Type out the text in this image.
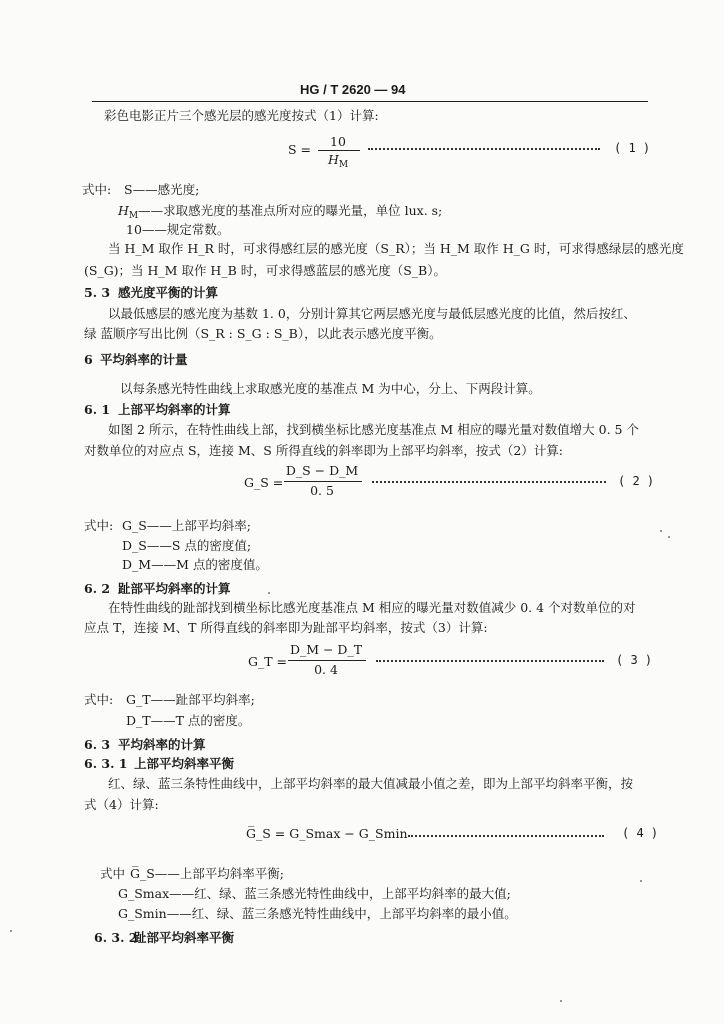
HG / T 2620 — 94
彩色电影正片三个感光层的感光度按式（1）计算:
S =
10
$H_M$
( 1 )
式中: S——感光度;
$H_M——$求取感光度的基准点所对应的曝光量，单位 lux. s;
10——规定常数。
当 H_M 取作 H_R 时，可求得感红层的感光度（S_R）；当 H_M 取作 H_G 时，可求得感绿层的感光度
(S_G)；当 H_M 取作 H_B 时，可求得感蓝层的感光度（S_B）。
5. 3 感光度平衡的计算
以最低感层的感光度为基数 1. 0，分别计算其它两层感光度与最低层感光度的比值，然后按红、
绿 蓝顺序写出比例（S_R : S_G : S_B），以此表示感光度平衡。
6 平均斜率的计量
以每条感光特性曲线上求取感光度的基准点 M 为中心，分上、下两段计算。
6. 1 上部平均斜率的计算
如图 2 所示，在特性曲线上部，找到横坐标比感光度基准点 M 相应的曝光量对数值增大 0. 5 个
对数单位的对应点 S，连接 M、S 所得直线的斜率即为上部平均斜率，按式（2）计算:
G_S =
D_S − D_M
0. 5
( 2 )
式中: G_S——上部平均斜率;
D_S——S 点的密度值;
D_M——M 点的密度值。
6. 2 趾部平均斜率的计算
在特性曲线的趾部找到横坐标比感光度基准点 M 相应的曝光量对数值减少 0. 4 个对数单位的对
应点 T，连接 M、T 所得直线的斜率即为趾部平均斜率，按式（3）计算:
G_T =
D_M − D_T
0. 4
( 3 )
式中: G_T——趾部平均斜率;
D_T——T 点的密度。
6. 3 平均斜率的计算
6. 3. 1 上部平均斜率平衡
红、绿、蓝三条特性曲线中，上部平均斜率的最大值减最小值之差，即为上部平均斜率平衡，按
式（4）计算:
G̅_S = G_Smax − G_Smin	( 4 )
式中 G̅_S——上部平均斜率平衡;
G_Smax——红、绿、蓝三条感光特性曲线中，上部平均斜率的最大值;
G_Smin——红、绿、蓝三条感光特性曲线中，上部平均斜率的最小值。
6. 3. 2
趾部平均斜率平衡
